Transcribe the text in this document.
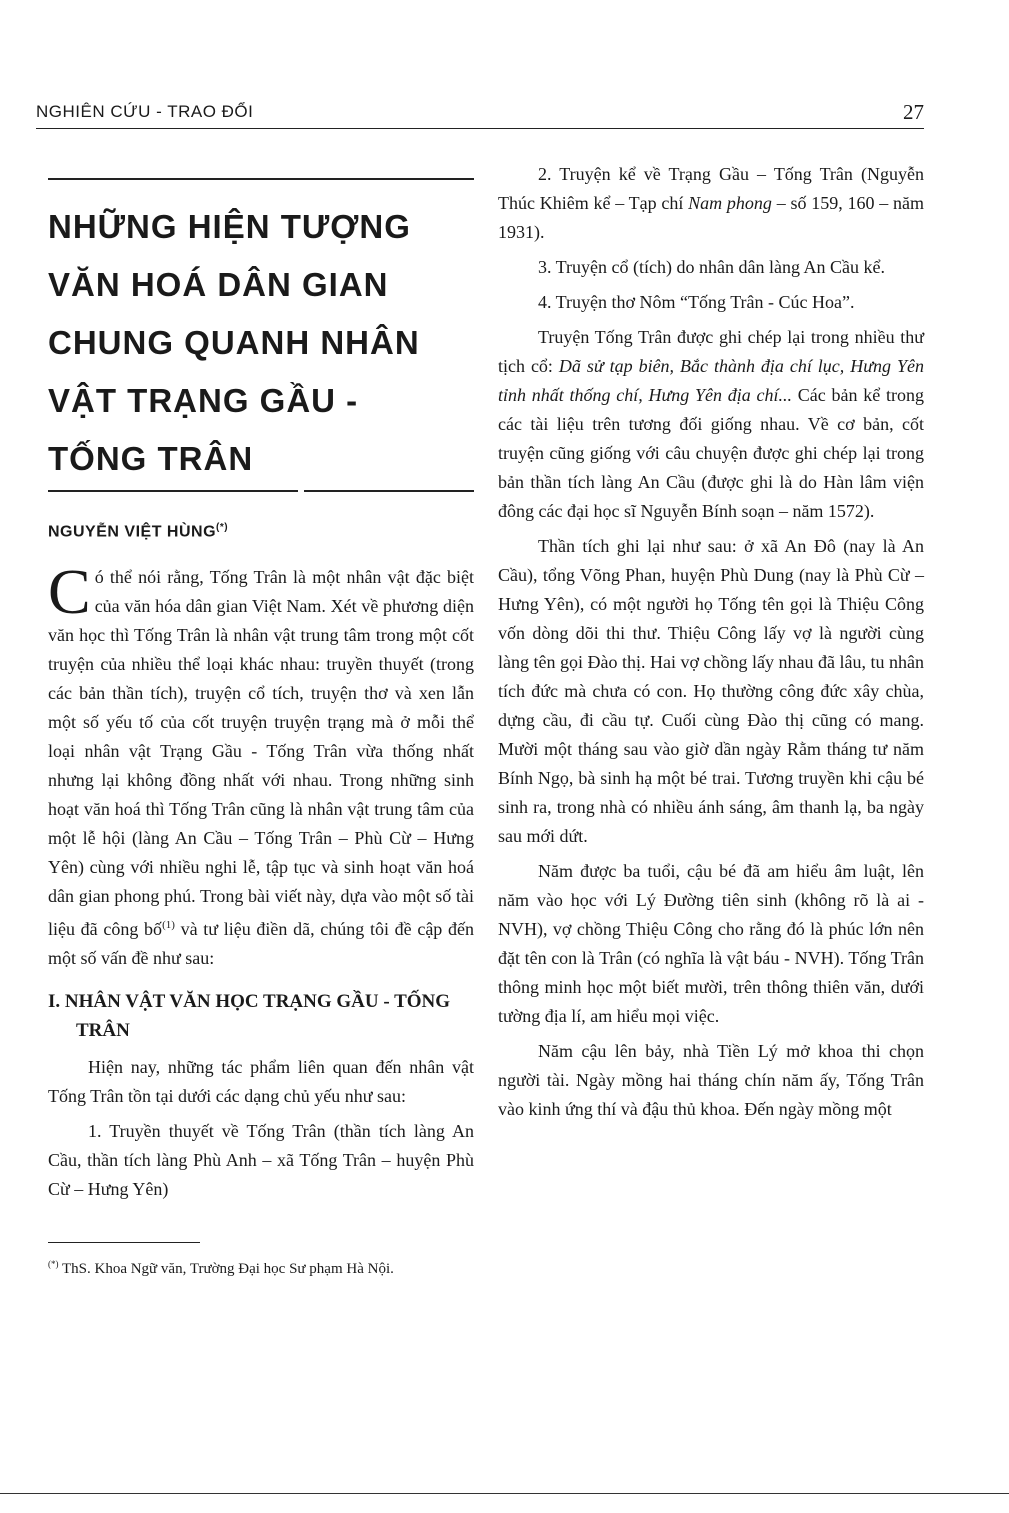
NGHIÊN CỨU - TRAO ĐỔI	27
NHỮNG HIỆN TƯỢNG
VĂN HOÁ DÂN GIAN
CHUNG QUANH NHÂN
VẬT TRẠNG GẦU -
TỐNG TRÂN
NGUYỄN VIỆT HÙNG(*)

Có thể nói rằng, Tống Trân là một nhân vật đặc biệt của văn hóa dân gian Việt Nam. Xét về phương diện văn học thì Tống Trân là nhân vật trung tâm trong một cốt truyện của nhiều thể loại khác nhau: truyền thuyết (trong các bản thần tích), truyện cổ tích, truyện thơ và xen lẫn một số yếu tố của cốt truyện truyện trạng mà ở mỗi thể loại nhân vật Trạng Gầu - Tống Trân vừa thống nhất nhưng lại không đồng nhất với nhau. Trong những sinh hoạt văn hoá thì Tống Trân cũng là nhân vật trung tâm của một lễ hội (làng An Cầu – Tống Trân – Phù Cừ – Hưng Yên) cùng với nhiều nghi lễ, tập tục và sinh hoạt văn hoá dân gian phong phú. Trong bài viết này, dựa vào một số tài liệu đã công bố$^{(1)}$ và tư liệu điền dã, chúng tôi đề cập đến một số vấn đề như sau:

I. NHÂN VẬT VĂN HỌC TRẠNG GẦU - TỐNG TRÂN

Hiện nay, những tác phẩm liên quan đến nhân vật Tống Trân tồn tại dưới các dạng chủ yếu như sau:

1. Truyền thuyết về Tống Trân (thần tích làng An Cầu, thần tích làng Phù Anh – xã Tống Trân – huyện Phù Cừ – Hưng Yên)

(*) ThS. Khoa Ngữ văn, Trường Đại học Sư phạm Hà Nội.

2. Truyện kể về Trạng Gầu – Tống Trân (Nguyễn Thúc Khiêm kể – Tạp chí Nam phong – số 159, 160 – năm 1931).

3. Truyện cổ (tích) do nhân dân làng An Cầu kể.

4. Truyện thơ Nôm “Tống Trân - Cúc Hoa”.

Truyện Tống Trân được ghi chép lại trong nhiều thư tịch cổ: Dã sử tạp biên, Bắc thành địa chí lục, Hưng Yên tỉnh nhất thống chí, Hưng Yên địa chí... Các bản kể trong các tài liệu trên tương đối giống nhau. Về cơ bản, cốt truyện cũng giống với câu chuyện được ghi chép lại trong bản thần tích làng An Cầu (được ghi là do Hàn lâm viện đông các đại học sĩ Nguyễn Bính soạn – năm 1572).

Thần tích ghi lại như sau: ở xã An Đô (nay là An Cầu), tổng Võng Phan, huyện Phù Dung (nay là Phù Cừ – Hưng Yên), có một người họ Tống tên gọi là Thiệu Công vốn dòng dõi thi thư. Thiệu Công lấy vợ là người cùng làng tên gọi Đào thị. Hai vợ chồng lấy nhau đã lâu, tu nhân tích đức mà chưa có con. Họ thường công đức xây chùa, dựng cầu, đi cầu tự. Cuối cùng Đào thị cũng có mang. Mười một tháng sau vào giờ dần ngày Rằm tháng tư năm Bính Ngọ, bà sinh hạ một bé trai. Tương truyền khi cậu bé sinh ra, trong nhà có nhiều ánh sáng, âm thanh lạ, ba ngày sau mới dứt.

Năm được ba tuổi, cậu bé đã am hiểu âm luật, lên năm vào học với Lý Đường tiên sinh (không rõ là ai - NVH), vợ chồng Thiệu Công cho rằng đó là phúc lớn nên đặt tên con là Trân (có nghĩa là vật báu - NVH). Tống Trân thông minh học một biết mười, trên thông thiên văn, dưới tường địa lí, am hiểu mọi việc.

Năm cậu lên bảy, nhà Tiền Lý mở khoa thi chọn người tài. Ngày mồng hai tháng chín năm ấy, Tống Trân vào kinh ứng thí và đậu thủ khoa. Đến ngày mồng một
